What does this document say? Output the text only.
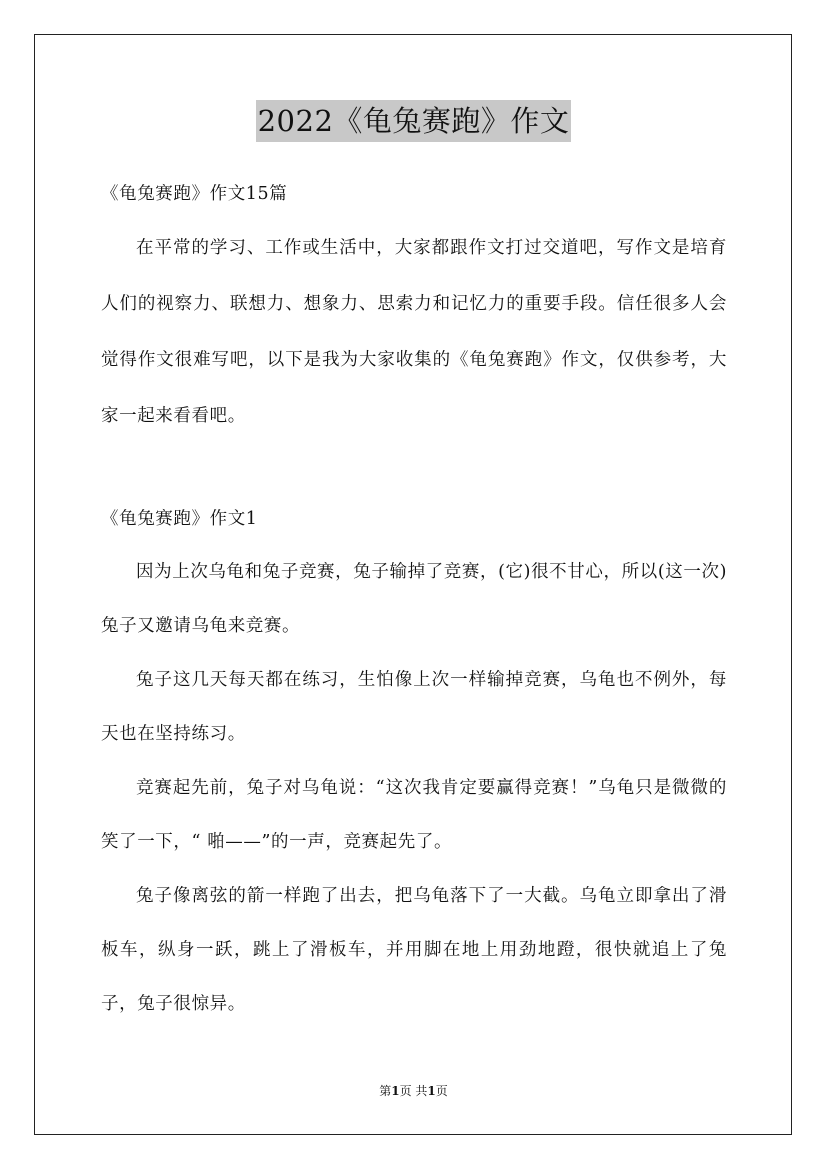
2022《龟兔赛跑》作文
《龟兔赛跑》作文15篇

在平常的学习、工作或生活中，大家都跟作文打过交道吧，写作文是培育人们的视察力、联想力、想象力、思索力和记忆力的重要手段。信任很多人会觉得作文很难写吧，以下是我为大家收集的《龟兔赛跑》作文，仅供参考，大家一起来看看吧。

《龟兔赛跑》作文1

因为上次乌龟和兔子竞赛，兔子输掉了竞赛，(它)很不甘心，所以(这一次)兔子又邀请乌龟来竞赛。

兔子这几天每天都在练习，生怕像上次一样输掉竞赛，乌龟也不例外，每天也在坚持练习。

竞赛起先前，兔子对乌龟说：“这次我肯定要赢得竞赛！”乌龟只是微微的笑了一下，“ 啪——”的一声，竞赛起先了。

兔子像离弦的箭一样跑了出去，把乌龟落下了一大截。乌龟立即拿出了滑板车，纵身一跃，跳上了滑板车，并用脚在地上用劲地蹬，很快就追上了兔子，兔子很惊异。

第1页 共1页
